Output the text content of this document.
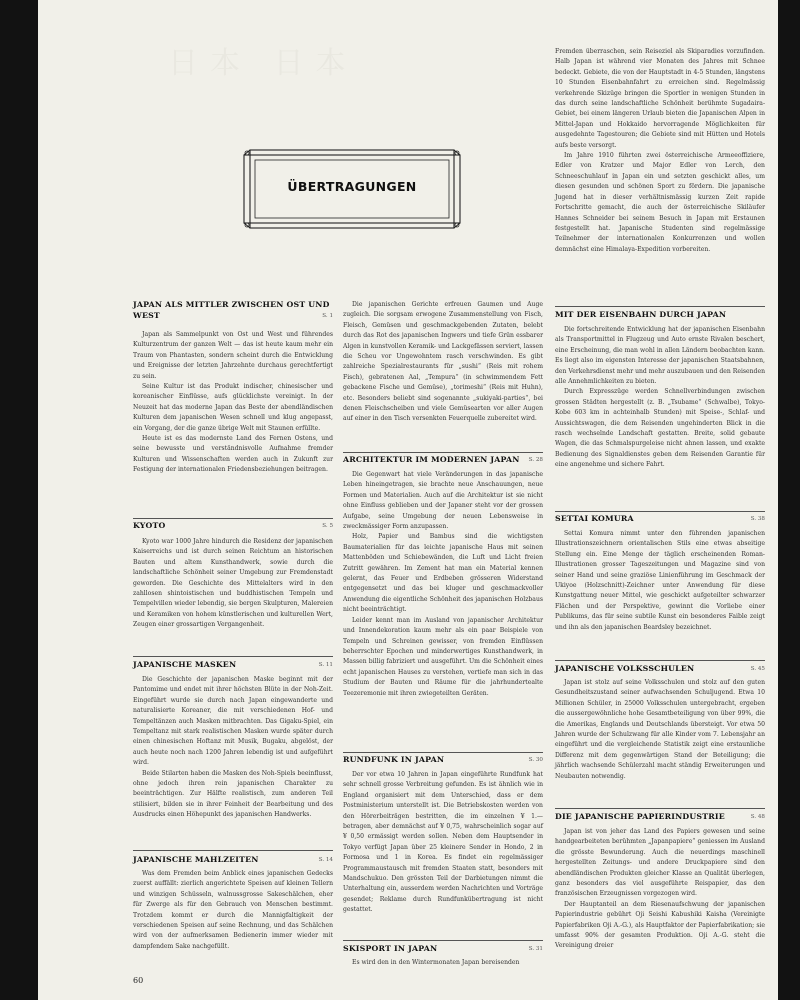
日本 日本
ÜBERTRAGUNGEN
JAPAN ALS MITTLER ZWISCHEN OST UND WEST	S. 1

Japan als Sammelpunkt von Ost und West und führendes Kulturzentrum der ganzen Welt — das ist heute kaum mehr ein Traum von Phantasten, sondern scheint durch die Entwicklung und Ereignisse der letzten Jahrzehnte durchaus gerechtfertigt zu sein.

Seine Kultur ist das Produkt indischer, chinesischer und koreanischer Einflüsse, aufs glücklichste vereinigt. In der Neuzeit hat das moderne Japan das Beste der abendländischen Kulturen dem japanischen Wesen schnell und klug angepasst, ein Vorgang, der die ganze übrige Welt mit Staunen erfüllte.

Heute ist es das modernste Land des Fernen Ostens, und seine bewusste und verständnisvolle Aufnahme fremder Kulturen und Wissenschaften werden auch in Zukunft zur Festigung der internationalen Friedensbeziehungen beitragen.

KYOTO	S. 5

Kyoto war 1000 Jahre hindurch die Residenz der japanischen Kaiserreichs und ist durch seinen Reichtum an historischen Bauten und altem Kunsthandwerk, sowie durch die landschaftliche Schönheit seiner Umgebung zur Fremdenstadt geworden. Die Geschichte des Mittelalters wird in den zahllosen shintoistischen und buddhistischen Tempeln und Tempelvillen wieder lebendig, sie bergen Skulpturen, Malereien und Keramiken von hohem künstlerischen und kulturellen Wert, Zeugen einer grossartigen Vergangenheit.

JAPANISCHE MASKEN	S. 11

Die Geschichte der japanischen Maske beginnt mit der Pantomime und endet mit ihrer höchsten Blüte in der Noh-Zeit. Eingeführt wurde sie durch nach Japan eingewanderte und naturalisierte Koreaner, die mit verschiedenen Hof- und Tempeltänzen auch Masken mitbrachten. Das Gigaku-Spiel, ein Tempeltanz mit stark realistischen Masken wurde später durch einen chinesischen Hoftanz mit Musik, Bugaku, abgelöst, der auch heute noch nach 1200 Jahren lebendig ist und aufgeführt wird.

Beide Stilarten haben die Masken des Noh-Spiels beeinflusst, ohne jedoch ihren rein japanischen Charakter zu beeinträchtigen. Zur Hälfte realistisch, zum anderen Teil stilisiert, bilden sie in ihrer Feinheit der Bearbeitung und des Ausdrucks einen Höhepunkt des japanischen Handwerks.

JAPANISCHE MAHLZEITEN	S. 14

Was dem Fremden beim Anblick eines japanischen Gedecks zuerst auffällt: zierlich angerichtete Speisen auf kleinen Tellern und winzigen Schüsseln, walnussgrosse Sakeschälchen, eher für Zwerge als für den Gebrauch von Menschen bestimmt. Trotzdem kommt er durch die Mannigfaltigkeit der verschiedenen Speisen auf seine Rechnung, und das Schälchen wird von der aufmerksamen Bedienerin immer wieder mit dampfendem Sake nachgefüllt.

Die japanischen Gerichte erfreuen Gaumen und Auge zugleich. Die sorgsam erwogene Zusammenstellung von Fisch, Fleisch, Gemüsen und geschmackgebenden Zutaten, belebt durch das Rot des japanischen Ingwers und tiefe Grün essbarer Algen in kunstvollen Keramik- und Lackgefässen serviert, lassen die Scheu vor Ungewohntem rasch verschwinden. Es gibt zahlreiche Spezialrestaurants für „sushi“ (Reis mit rohem Fisch), gebratenen Aal, „Tempura“ (in schwimmendem Fett gebackene Fische und Gemüse), „torimeshi“ (Reis mit Huhn), etc. Besonders beliebt sind sogenannte „sukiyaki-parties“, bei denen Fleischscheiben und viele Gemüsearten vor aller Augen auf einer in den Tisch versenkten Feuerquelle zubereitet wird.

ARCHITEKTUR IM MODERNEN JAPAN S. 28

Die Gegenwart hat viele Veränderungen in das japanische Leben hineingetragen, sie brachte neue Anschauungen, neue Formen und Materialien. Auch auf die Architektur ist sie nicht ohne Einfluss geblieben und der Japaner steht vor der grossen Aufgabe, seine Umgebung der neuen Lebensweise in zweckmässiger Form anzupassen.

Holz, Papier und Bambus sind die wichtigsten Baumaterialien für das leichte japanische Haus mit seinen Mattenböden und Schiebewänden, die Luft und Licht freien Zutritt gewähren. Im Zement hat man ein Material kennen gelernt, das Feuer und Erdbeben grösseren Widerstand entgegensetzt und das bei kluger und geschmackvoller Anwendung die eigentliche Schönheit des japanischen Holzbaus nicht beeinträchtigt.

Leider kennt man im Ausland von japanischer Architektur und Innendekoration kaum mehr als ein paar Beispiele von Tempeln und Schreinen gewisser, von fremden Einflüssen beherrschter Epochen und minderwertiges Kunsthandwerk, in Massen billig fabriziert und ausgeführt. Um die Schönheit eines echt japanischen Hauses zu verstehen, vertiefe man sich in das Studium der Bauten und Räume für die jahrhundertealte Teezeremonie mit ihren zwiegeteilten Geräten.

RUNDFUNK IN JAPAN	S. 30

Der vor etwa 10 Jahren in Japan eingeführte Rundfunk hat sehr schnell grosse Verbreitung gefunden. Es ist ähnlich wie in England organisiert mit dem Unterschied, dass er dem Postministerium unterstellt ist. Die Betriebskosten werden von den Hörerbeiträgen bestritten, die im einzelnen ¥ 1.— betragen, aber demnächst auf ¥ 0,75, wahrscheinlich sogar auf ¥ 0,50 ermässigt werden sollen. Neben dem Hauptsender in Tokyo verfügt Japan über 25 kleinere Sender in Hondo, 2 in Formosa und 1 in Korea. Es findet ein regelmässiger Programmaustausch mit fremden Staaten statt, besonders mit Mandschukuo. Den grössten Teil der Darbietungen nimmt die Unterhaltung ein, ausserdem werden Nachrichten und Vorträge gesendet; Reklame durch Rundfunkübertragung ist nicht gestattet.

SKISPORT IN JAPAN	S. 31

Es wird den in den Wintermonaten Japan bereisenden

Fremden überraschen, sein Reiseziel als Skiparadies vorzufinden. Halb Japan ist während vier Monaten des Jahres mit Schnee bedeckt. Gebiete, die von der Hauptstadt in 4-5 Stunden, längstens 10 Stunden Eisenbahnfahrt zu erreichen sind. Regelmässig verkehrende Skizüge bringen die Sportler in wenigen Stunden in das durch seine landschaftliche Schönheit berühmte Sugadaira-Gebiet, bei einem längeren Urlaub bieten die Japanischen Alpen in Mittel-Japan und Hokkaido hervorragende Möglichkeiten für ausgedehnte Tagestouren; die Gebiete sind mit Hütten und Hotels aufs beste versorgt.

Im Jahre 1910 führten zwei österreichische Armeeoffiziere, Edler von Kratzer und Major Edler von Lerch, den Schneeschuhlauf in Japan ein und setzten geschickt alles, um diesen gesunden und schönen Sport zu fördern. Die japanische Jugend hat in dieser verhältnismässig kurzen Zeit rapide Fortschritte gemacht, die auch der österreichische Skiläufer Hannes Schneider bei seinem Besuch in Japan mit Erstaunen festgestellt hat. Japanische Studenten sind regelmässige Teilnehmer der internationalen Konkurrenzen und wollen demnächst eine Himalaya-Expedition vorbereiten.

MIT DER EISENBAHN DURCH JAPAN

Die fortschreitende Entwicklung hat der japanischen Eisenbahn als Transportmittel in Flugzeug und Auto ernste Rivalen beschert, eine Erscheinung, die man wohl in allen Ländern beobachten kann. Es liegt also im eigensten Interesse der japanischen Staatsbahnen, den Verkehrsdienst mehr und mehr auszubauen und den Reisenden alle Annehmlichkeiten zu bieten.

Durch Expresszüge werden Schnellverbindungen zwischen grossen Städten hergestellt (z. B. „Tsubame“ (Schwalbe), Tokyo-Kobe 603 km in achteinhalb Stunden) mit Speise-, Schlaf- und Aussichtswagen, die dem Reisenden ungehinderten Blick in die rasch wechselnde Landschaft gestatten. Breite, solid gebaute Wagen, die das Schmalspurgeleise nicht ahnen lassen, und exakte Bedienung des Signaldienstes geben dem Reisenden Garantie für eine angenehme und sichere Fahrt.

SETTAI KOMURA	S. 38

Settai Komura nimmt unter den führenden japanischen Illustrationszeichnern orientalischen Stils eine etwas abseitige Stellung ein. Eine Menge der täglich erscheinenden Roman-Illustrationen grosser Tageszeitungen und Magazine sind von seiner Hand und seine graziöse Linienführung im Geschmack der Ukiyoe (Holzschnitt)-Zeichner unter Anwendung für diese Kunstgattung neuer Mittel, wie geschickt aufgeteilter schwarzer Flächen und der Perspektive, gewinnt die Vorliebe einer Publikums, das für seine subtile Kunst ein besonderes Faible zeigt und ihn als den japanischen Beardsley bezeichnet.

JAPANISCHE VOLKSSCHULEN	S. 45

Japan ist stolz auf seine Volksschulen und stolz auf den guten Gesundheitszustand seiner aufwachsenden Schuljugend. Etwa 10 Millionen Schüler, in 25000 Volksschulen untergebracht, ergeben die aussergewöhnliche hohe Gesamtbeteiligung von über 99%, die die Amerikas, Englands und Deutschlands übersteigt. Vor etwa 50 Jahren wurde der Schulzwang für alle Kinder vom 7. Lebensjahr an eingeführt und die vergleichende Statistik zeigt eine erstaunliche Differenz mit dem gegenwärtigen Stand der Beteiligung; die jährlich wachsende Schülerzahl macht ständig Erweiterungen und Neubauten notwendig.

DIE JAPANISCHE PAPIERINDUSTRIE	S. 48

Japan ist von jeher das Land des Papiers gewesen und seine handgearbeiteten berühmten „Japanpapiere“ geniessen im Ausland die grösste Bewunderung. Auch die neuerdings maschinell hergestellten Zeitungs- und andere Druckpapiere sind den abendländischen Produkten gleicher Klasse an Qualität überlegen, ganz besonders das viel ausgeführte Reispapier, das den französischen Erzeugnissen vorgezogen wird.

Der Hauptanteil an dem Riesenaufschwung der japanischen Papierindustrie gebührt Oji Seishi Kabushiki Kaisha (Vereinigte Papierfabriken Oji A.-G.), als Hauptfaktor der Papierfabrikation; sie umfasst 90% der gesamten Produktion. Oji A.-G. steht die Vereinigung dreier

60
